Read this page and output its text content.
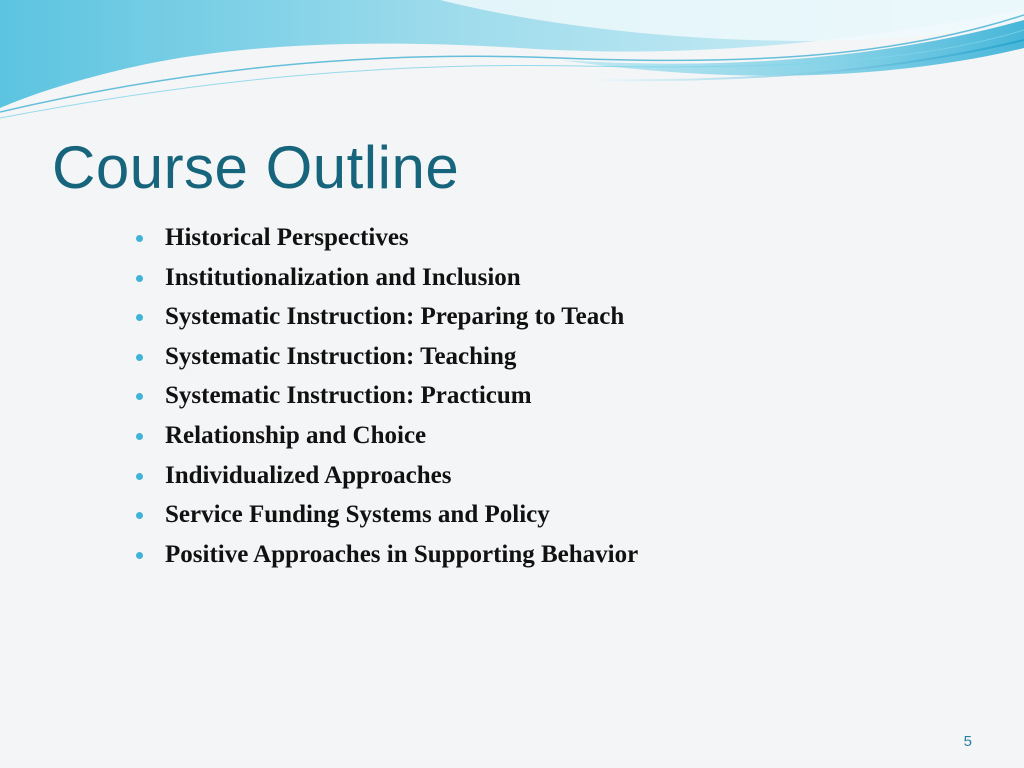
Course Outline
Historical Perspectives
Institutionalization and Inclusion
Systematic Instruction: Preparing to Teach
Systematic Instruction: Teaching
Systematic Instruction: Practicum
Relationship and Choice
Individualized Approaches
Service Funding Systems and Policy
Positive Approaches in Supporting Behavior
5
